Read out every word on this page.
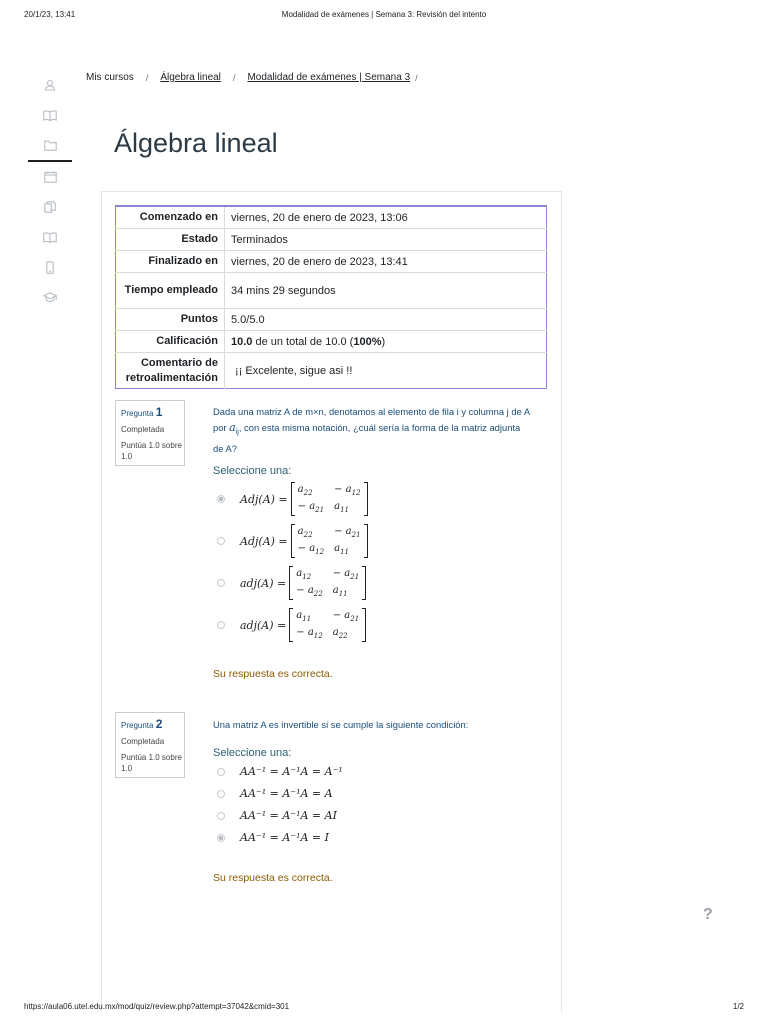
20/1/23, 13:41	Modalidad de exámenes | Semana 3: Revisión del intento
Mis cursos / Álgebra lineal / Modalidad de exámenes | Semana 3 /
Álgebra lineal
Comenzado en	viernes, 20 de enero de 2023, 13:06
Estado	Terminados
Finalizado en	viernes, 20 de enero de 2023, 13:41
Tiempo empleado	34 mins 29 segundos
Puntos	5.0/5.0
Calificación	10.0 de un total de 10.0 (100%)
Comentario de retroalimentación	¡¡ Excelente, sigue asi !!
Pregunta 1
Completada
Puntúa 1.0 sobre 1.0
Dada una matriz A de m×n, denotamos al elemento de fila i y columna j de A por $a_{ij}$, con esta misma notación, ¿cuál sería la forma de la matriz adjunta de A?
Seleccione una:
Adj(A) =
$a_{22}$	− $a_{12}$
− $a_{21}$ $a_{11}$
Adj(A) =
$a_{22}$	− $a_{21}$
− $a_{12}$ $a_{11}$
adj(A) =
$a_{12}$	− $a_{21}$
− $a_{22}$ $a_{11}$
adj(A) =
$a_{11}$	− $a_{21}$
− $a_{12}$ $a_{22}$
Su respuesta es correcta.
Pregunta 2
Completada
Puntúa 1.0 sobre 1.0
Una matriz A es invertible si se cumple la siguiente condición:
Seleccione una:
AA⁻¹ = A⁻¹A = A⁻¹
AA⁻¹ = A⁻¹A = A
AA⁻¹ = A⁻¹A = AI
AA⁻¹ = A⁻¹A = I
Su respuesta es correcta.
?
https://aula06.utel.edu.mx/mod/quiz/review.php?attempt=37042&cmid=301	1/2
